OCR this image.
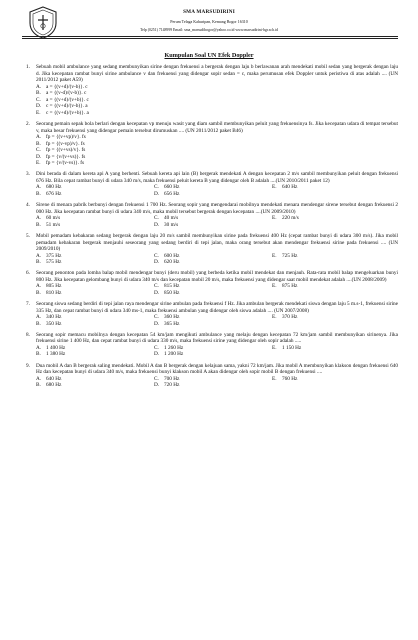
SMA MARSUDIRINI
Perum Telaga Kahuripan, Kemang Bogor 16310
Telp (0251) 7148999 Email: sma_marsudibogor@yahoo.co.id www.marsudirini-bgr.sch.id
Kumpulan Soal UN Efek Doppler
1. Sebuah mobil ambulance yang sedang membunyikan sirine dengan frekuensi a bergerak dengan laju b berlawanan arah mendekati mobil sedan yang bergerak dengan laju d. Jika kecepatan rambat bunyi sirine ambulance v dan frekuensi yang didengar sopir sedan = c, maka perumusan efek Doppler untuk peristiwa di atas adalah .... (UN 2011/2012 paket A59)
A. a = {(v+d)/(v-b)}. c
B. a = {(v-d)/(v-b)}. c
C. a = {(v+d)/(v+b)}. c
D. c = {(v+d)/(v-b)}. a
E. c = {(v+d)/(v+b)}. a
2. Seorang pemain sepak bola berlari dengan kecepatan vp menuju wasit yang diam sambil membunyikan peluit yang frekuensinya fs. Jika kecepatan udara di tempat tersebut v, maka besar frekuensi yang didengar pemain tersebut dirumuskan .... (UN 2011/2012 paket B46)
A. fp = {(v+vp)/v}. fs
B. fp = {(v-vp)/v}. fs
C. fp = {(v+vs)/v}. fs
D. fp = {v/(v+vs)}. fs
E. fp = {v/(v-vs)}. fs
3. Dini berada di dalam kereta api A yang berhenti. Sebuah kereta api lain (B) bergerak mendekati A dengan kecepatan 2 m/s sambil membunyikan peluit dengan frekuensi 676 Hz. Bila cepat rambat bunyi di udara 340 m/s, maka frekuensi peluit kereta B yang didengar oleh B adalah ....(UN 2010/2011 paket 12)
A. 680 Hz	C. 660 Hz	E. 640 Hz
B. 676 Hz	D. 656 Hz
4. Sirene di menara pabrik berbunyi dengan frekuensi 1 700 Hz. Seorang sopir yang mengendarai mobilnya mendekati menara mendengar sirene tersebut dengan frekuensi 2 000 Hz. Jika kecepatan rambat bunyi di udara 340 m/s, maka mobil tersebut bergerak dengan kecepatan ....(UN 2009/2010)
A. 60 m/s	C. 40 m/s	E. 220 m/s
B. 51 m/s	D. 30 m/s
5. Mobil pemadam kebakaran sedang bergerak dengan laju 20 m/s sambil membunyikan sirine pada frekuensi 400 Hz (cepat rambat bunyi di udara 300 m/s). Jika mobil pemadam kebakaran bergerak menjauhi seseorang yang sedang berdiri di tepi jalan, maka orang tersebut akan mendengar frekuensi sirine pada frekuensi .... (UN 2009/2010)
A. 375 Hz	C. 600 Hz	E. 725 Hz
B. 575 Hz	D. 620 Hz
6. Seorang penonton pada lomba balap mobil mendengar bunyi (deru mobil) yang berbeda ketika mobil mendekat dan menjauh. Rata-rata mobil balap mengeluarkan bunyi 800 Hz. Jika kecepatan gelombang bunyi di udara 340 m/s dan kecepatan mobil 20 m/s, maka frekuensi yang didengar saat mobil mendekat adalah ....(UN 2008/2009)
A. 805 Hz	C. 815 Hz	E. 875 Hz
B. 810 Hz	D. 850 Hz
7. Seorang siswa sedang berdiri di tepi jalan raya mendengar sirine ambulan pada frekuensi f Hz. Jika ambulan bergerak mendekati siswa dengan laju 5 m.s-1, frekuensi sirine 335 Hz, dan cepat rambat bunyi di udara 340 ms-1, maka frekuensi ambulan yang didengar oleh siswa adalah .... (UN 2007/2008)
A. 340 Hz	C. 360 Hz	E. 370 Hz
B. 350 Hz	D. 365 Hz
8. Seorang sopir memacu mobilnya dengan kecepatan 54 km/jam mengikuti ambulance yang melaju dengan kecepatan 72 km/jam sambil membunyikan sirinenya. Jika frekuensi sirine 1 400 Hz, dan cepat rambat bunyi di udara 330 m/s, maka frekuensi sirine yang didengar oleh sopir adalah .....
A. 1 400 Hz	C. 1 260 Hz	E. 1 150 Hz
B. 1 380 Hz	D. 1 200 Hz
9. Dua mobil A dan B bergerak saling mendekati. Mobil A dan B bergerak dengan kelajuan sama, yakni 72 km/jam. Jika mobil A membunyikan klakson dengan frekuensi 640 Hz dan kecepatan bunyi di udara 340 m/s, maka frekuensi bunyi klakson mobil A akan didengar oleh sopir mobil B dengan frekuensi ....
A. 640 Hz	C. 700 Hz	E. 760 Hz
B. 680 Hz	D. 720 Hz
